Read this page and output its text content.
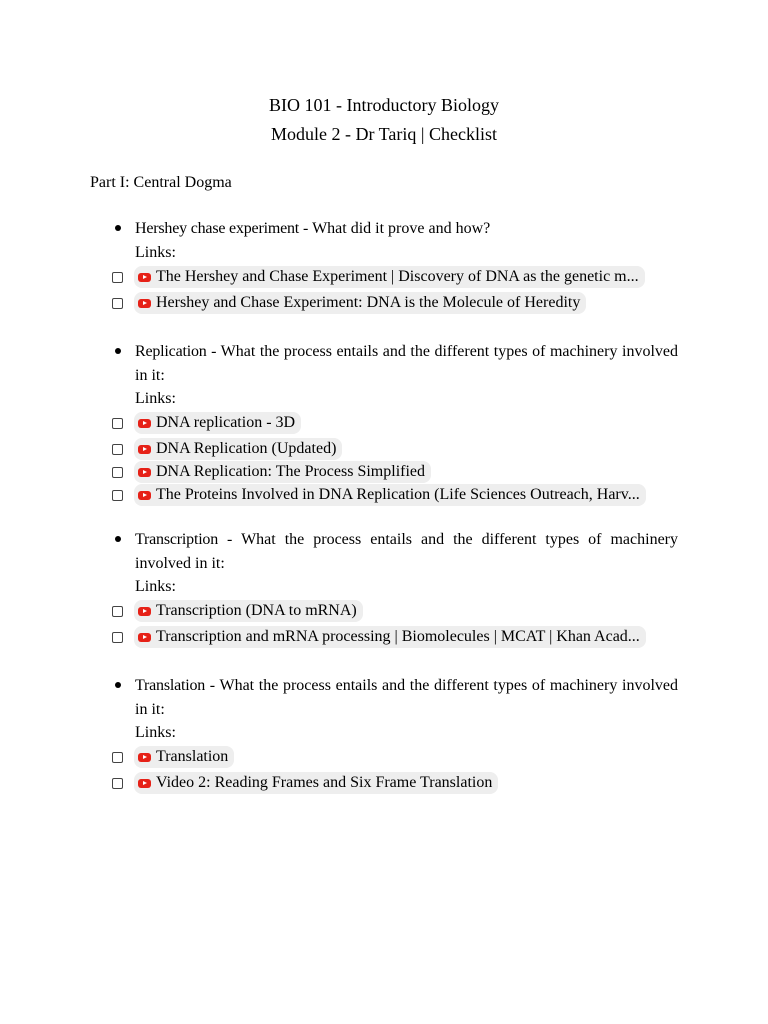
BIO 101 - Introductory Biology
Module 2 - Dr Tariq | Checklist
Part I: Central Dogma
Hershey chase experiment - What did it prove and how?
Links:
The Hershey and Chase Experiment | Discovery of DNA as the genetic m...
Hershey and Chase Experiment: DNA is the Molecule of Heredity
Replication - What the process entails and the different types of machinery involved in it:
Links:
DNA replication - 3D
DNA Replication (Updated)
DNA Replication: The Process Simplified
The Proteins Involved in DNA Replication (Life Sciences Outreach, Harv...
Transcription - What the process entails and the different types of machinery involved in it:
Links:
Transcription (DNA to mRNA)
Transcription and mRNA processing | Biomolecules | MCAT | Khan Acad...
Translation - What the process entails and the different types of machinery involved in it:
Links:
Translation
Video 2: Reading Frames and Six Frame Translation
